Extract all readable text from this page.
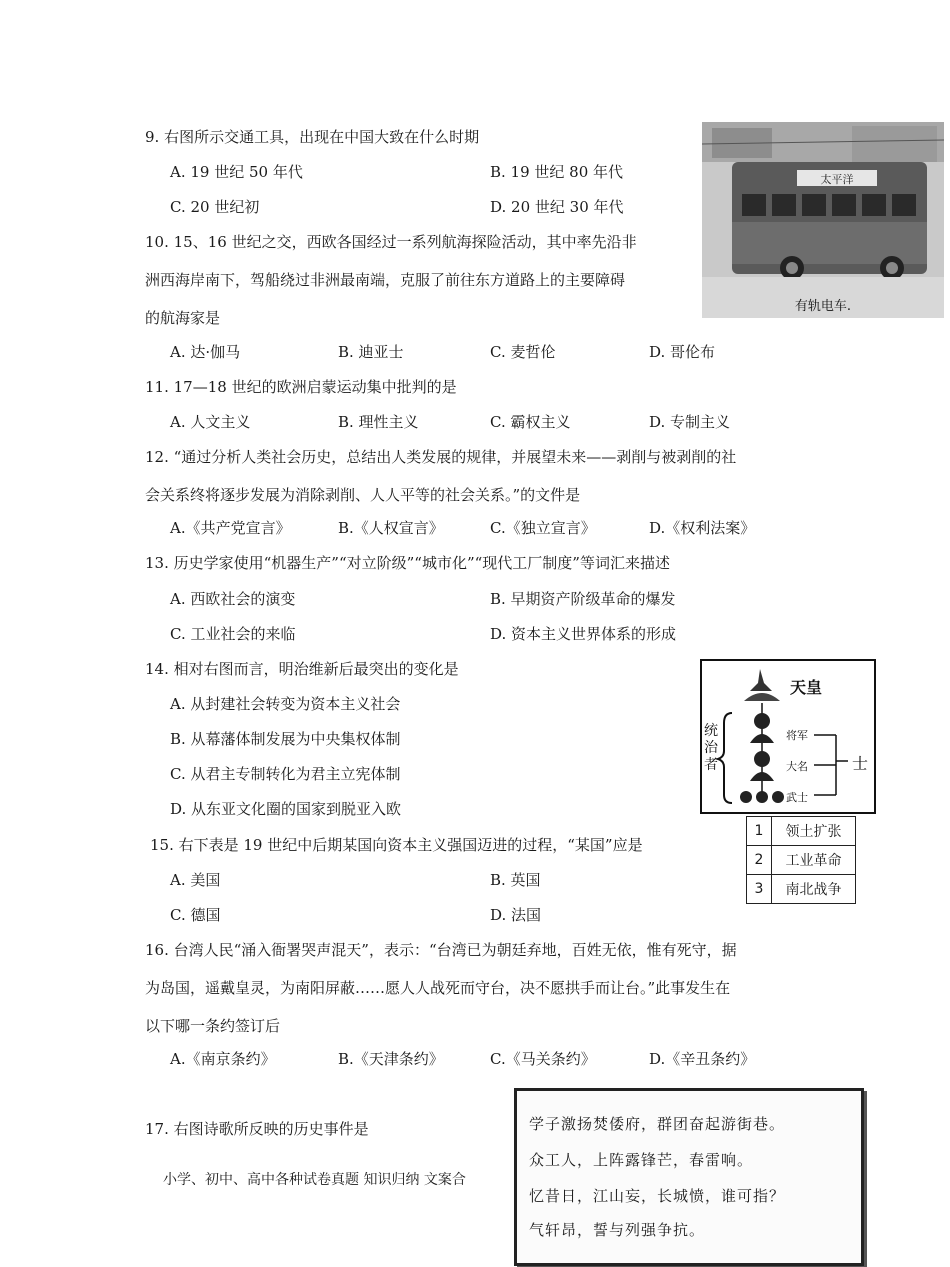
9. 右图所示交通工具，出现在中国大致在什么时期
A. 19 世纪 50 年代	B. 19 世纪 80 年代
C. 20 世纪初	D. 20 世纪 30 年代
太平洋
有轨电车.
10. 15、16 世纪之交，西欧各国经过一系列航海探险活动，其中率先沿非
洲西海岸南下，驾船绕过非洲最南端，克服了前往东方道路上的主要障碍
的航海家是
A. 达·伽马	B. 迪亚士	C. 麦哲伦	D. 哥伦布
11. 17—18 世纪的欧洲启蒙运动集中批判的是
A. 人文主义	B. 理性主义	C. 霸权主义	D. 专制主义
12. “通过分析人类社会历史，总结出人类发展的规律，并展望未来——剥削与被剥削的社
会关系终将逐步发展为消除剥削、人人平等的社会关系。”的文件是
A.《共产党宣言》	B.《人权宣言》	C.《独立宣言》	D.《权利法案》
13. 历史学家使用“机器生产”“对立阶级”“城市化”“现代工厂制度”等词汇来描述
A. 西欧社会的演变	B. 早期资产阶级革命的爆发
C. 工业社会的来临	D. 资本主义世界体系的形成
14. 相对右图而言，明治维新后最突出的变化是
A. 从封建社会转变为资本主义社会
B. 从幕藩体制发展为中央集权体制
C. 从君主专制转化为君主立宪体制
D. 从东亚文化圈的国家到脱亚入欧
天皇
统治者
将军
大名
武士
士
15. 右下表是 19 世纪中后期某国向资本主义强国迈进的过程，“某国”应是
A. 美国	B. 英国
C. 德国	D. 法国
1	领土扩张
2	工业革命
3	南北战争
16. 台湾人民“涌入衙署哭声混天”，表示：“台湾已为朝廷弃地，百姓无依，惟有死守，据
为岛国，遥戴皇灵，为南阳屏蔽……愿人人战死而守台，决不愿拱手而让台。”此事发生在
以下哪一条约签订后
A.《南京条约》	B.《天津条约》	C.《马关条约》	D.《辛丑条约》
17. 右图诗歌所反映的历史事件是
小学、初中、高中各种试卷真题 知识归纳 文案合
学子激扬焚倭府，群团奋起游街巷。
众工人，上阵露锋芒，春雷响。
忆昔日，江山妄，长城愤，谁可指？
气轩昂，誓与列强争抗。
